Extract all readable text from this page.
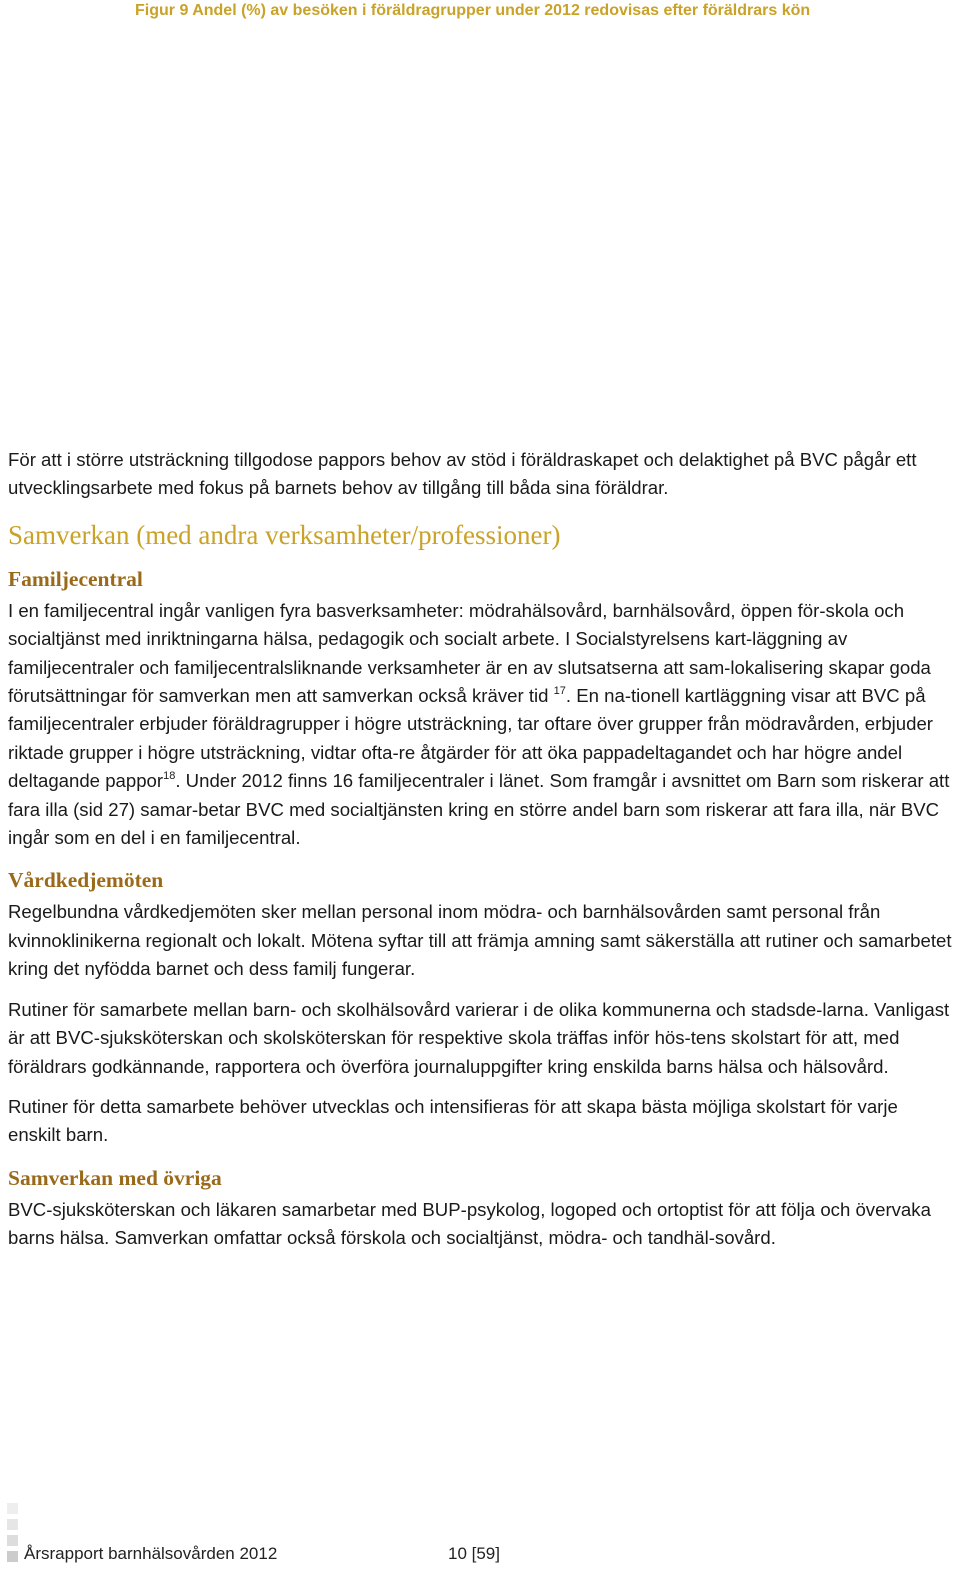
Figur 9 Andel (%) av besöken i föräldragrupper under 2012 redovisas efter föräldrars kön

För att i större utsträckning tillgodose pappors behov av stöd i föräldraskapet och delaktighet på BVC pågår ett utvecklingsarbete med fokus på barnets behov av tillgång till båda sina föräldrar.

Samverkan (med andra verksamheter/professioner)
Familjecentral

I en familjecentral ingår vanligen fyra basverksamheter: mödrahälsovård, barnhälsovård, öppen för-skola och socialtjänst med inriktningarna hälsa, pedagogik och socialt arbete. I Socialstyrelsens kart-läggning av familjecentraler och familjecentralsliknande verksamheter är en av slutsatserna att sam-lokalisering skapar goda förutsättningar för samverkan men att samverkan också kräver tid $^{17}$. En na-tionell kartläggning visar att BVC på familjecentraler erbjuder föräldragrupper i högre utsträckning, tar oftare över grupper från mödravården, erbjuder riktade grupper i högre utsträckning, vidtar ofta-re åtgärder för att öka pappadeltagandet och har högre andel deltagande pappor$^{18}$. Under 2012 finns 16 familjecentraler i länet. Som framgår i avsnittet om Barn som riskerar att fara illa (sid 27) samar-betar BVC med socialtjänsten kring en större andel barn som riskerar att fara illa, när BVC ingår som en del i en familjecentral.

Vårdkedjemöten

Regelbundna vårdkedjemöten sker mellan personal inom mödra- och barnhälsovården samt personal från kvinnoklinikerna regionalt och lokalt. Mötena syftar till att främja amning samt säkerställa att rutiner och samarbetet kring det nyfödda barnet och dess familj fungerar.

Rutiner för samarbete mellan barn- och skolhälsovård varierar i de olika kommunerna och stadsde-larna. Vanligast är att BVC-sjuksköterskan och skolsköterskan för respektive skola träffas inför hös-tens skolstart för att, med föräldrars godkännande, rapportera och överföra journaluppgifter kring enskilda barns hälsa och hälsovård.

Rutiner för detta samarbete behöver utvecklas och intensifieras för att skapa bästa möjliga skolstart för varje enskilt barn.

Samverkan med övriga

BVC-sjuksköterskan och läkaren samarbetar med BUP-psykolog, logoped och ortoptist för att följa och övervaka barns hälsa. Samverkan omfattar också förskola och socialtjänst, mödra- och tandhäl-sovård.

Årsrapport barnhälsovården 2012	10 [59]
